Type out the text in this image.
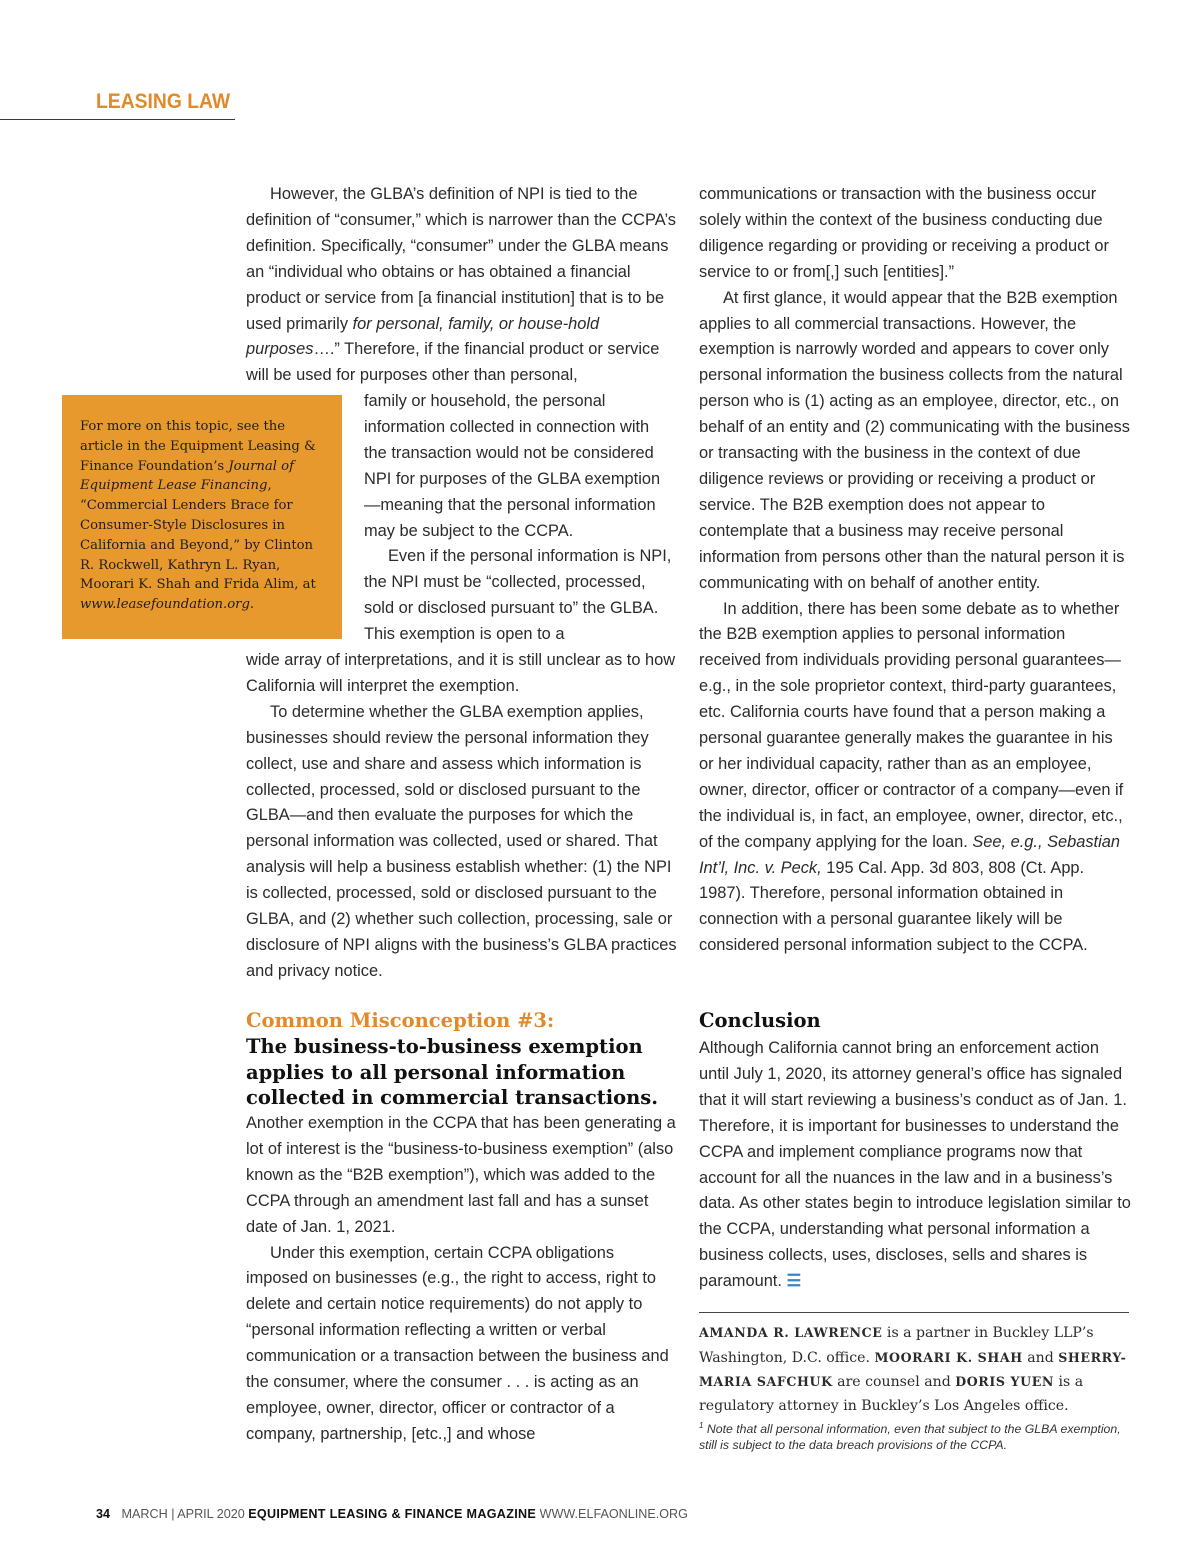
LEASING LAW

However, the GLBA’s definition of NPI is tied to the definition of “consumer,” which is narrower than the CCPA’s definition. Specifically, “consumer” under the GLBA means an “individual who obtains or has obtained a financial product or service from [a financial institution] that is to be used primarily for personal, family, or house-hold purposes….” Therefore, if the financial product or service will be used for purposes other than personal,

For more on this topic, see the article in the Equipment Leasing & Finance Foundation’s Journal of Equipment Lease Financing, “Commercial Lenders Brace for Consumer-Style Disclosures in California and Beyond,” by Clinton R. Rockwell, Kathryn L. Ryan, Moorari K. Shah and Frida Alim, at www.leasefoundation.org.

family or household, the personal information collected in connection with the transaction would not be considered NPI for purposes of the GLBA exemption—meaning that the personal information may be subject to the CCPA.

Even if the personal information is NPI, the NPI must be “collected, processed, sold or disclosed pursuant to” the GLBA. This exemption is open to a

wide array of interpretations, and it is still unclear as to how California will interpret the exemption.

To determine whether the GLBA exemption applies, businesses should review the personal information they collect, use and share and assess which information is collected, processed, sold or disclosed pursuant to the GLBA—and then evaluate the purposes for which the personal information was collected, used or shared. That analysis will help a business establish whether: (1) the NPI is collected, processed, sold or disclosed pursuant to the GLBA, and (2) whether such collection, processing, sale or disclosure of NPI aligns with the business’s GLBA practices and privacy notice.

Common Misconception #3:

The business-to-business exemption applies to all personal information collected in commercial transactions.

Another exemption in the CCPA that has been generating a lot of interest is the “business-to-business exemption” (also known as the “B2B exemption”), which was added to the CCPA through an amendment last fall and has a sunset date of Jan. 1, 2021.

Under this exemption, certain CCPA obligations imposed on businesses (e.g., the right to access, right to delete and certain notice requirements) do not apply to “personal information reflecting a written or verbal communication or a transaction between the business and the consumer, where the consumer . . . is acting as an employee, owner, director, officer or contractor of a company, partnership, [etc.,] and whose

communications or transaction with the business occur solely within the context of the business conducting due diligence regarding or providing or receiving a product or service to or from[,] such [entities].”

At first glance, it would appear that the B2B exemption applies to all commercial transactions. However, the exemption is narrowly worded and appears to cover only personal information the business collects from the natural person who is (1) acting as an employee, director, etc., on behalf of an entity and (2) communicating with the business or transacting with the business in the context of due diligence reviews or providing or receiving a product or service. The B2B exemption does not appear to contemplate that a business may receive personal information from persons other than the natural person it is communicating with on behalf of another entity.

In addition, there has been some debate as to whether the B2B exemption applies to personal information received from individuals providing personal guarantees—e.g., in the sole proprietor context, third-party guarantees, etc. California courts have found that a person making a personal guarantee generally makes the guarantee in his or her individual capacity, rather than as an employee, owner, director, officer or contractor of a company—even if the individual is, in fact, an employee, owner, director, etc., of the company applying for the loan. See, e.g., Sebastian Int’l, Inc. v. Peck, 195 Cal. App. 3d 803, 808 (Ct. App. 1987). Therefore, personal information obtained in connection with a personal guarantee likely will be considered personal information subject to the CCPA.

Conclusion

Although California cannot bring an enforcement action until July 1, 2020, its attorney general’s office has signaled that it will start reviewing a business’s conduct as of Jan. 1. Therefore, it is important for businesses to understand the CCPA and implement compliance programs now that account for all the nuances in the law and in a business’s data. As other states begin to introduce legislation similar to the CCPA, understanding what personal information a business collects, uses, discloses, sells and shares is paramount. ☰

AMANDA R. LAWRENCE is a partner in Buckley LLP’s Washington, D.C. office. MOORARI K. SHAH and SHERRY-MARIA SAFCHUK are counsel and DORIS YUEN is a regulatory attorney in Buckley’s Los Angeles office.
$^1$ Note that all personal information, even that subject to the GLBA exemption, still is subject to the data breach provisions of the CCPA.
34 MARCH | APRIL 2020 EQUIPMENT LEASING & FINANCE MAGAZINE WWW.ELFAONLINE.ORG
